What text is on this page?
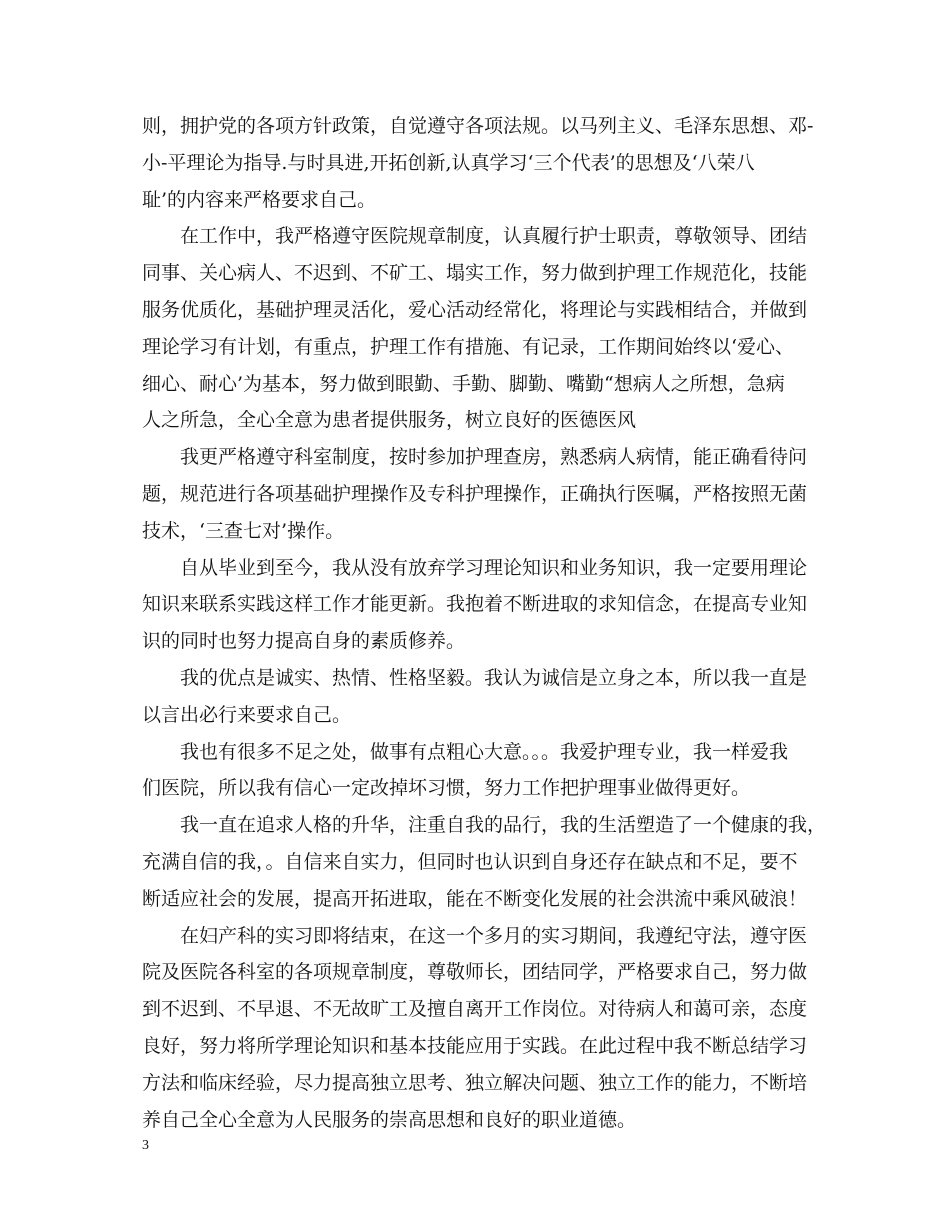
则，拥护党的各项方针政策，自觉遵守各项法规。以马列主义、毛泽东思想、邓-
小-平理论为指导.与时具进,开拓创新,认真学习‘三个代表’的思想及‘八荣八
耻’的内容来严格要求自己。
在工作中，我严格遵守医院规章制度，认真履行护士职责，尊敬领导、团结
同事、关心病人、不迟到、不矿工、塌实工作，努力做到护理工作规范化，技能
服务优质化，基础护理灵活化，爱心活动经常化，将理论与实践相结合，并做到
理论学习有计划，有重点，护理工作有措施、有记录，工作期间始终以‘爱心、
细心、耐心’为基本，努力做到眼勤、手勤、脚勤、嘴勤“想病人之所想，急病
人之所急，全心全意为患者提供服务，树立良好的医德医风
我更严格遵守科室制度，按时参加护理查房，熟悉病人病情，能正确看待问
题，规范进行各项基础护理操作及专科护理操作，正确执行医嘱，严格按照无菌
技术，‘三查七对’操作。
自从毕业到至今，我从没有放弃学习理论知识和业务知识，我一定要用理论
知识来联系实践这样工作才能更新。我抱着不断进取的求知信念，在提高专业知
识的同时也努力提高自身的素质修养。
我的优点是诚实、热情、性格坚毅。我认为诚信是立身之本，所以我一直是
以言出必行来要求自己。
我也有很多不足之处，做事有点粗心大意。。。我爱护理专业，我一样爱我
们医院，所以我有信心一定改掉坏习惯，努力工作把护理事业做得更好。
我一直在追求人格的升华，注重自我的品行，我的生活塑造了一个健康的我，
充满自信的我，。自信来自实力，但同时也认识到自身还存在缺点和不足，要不
断适应社会的发展，提高开拓进取，能在不断变化发展的社会洪流中乘风破浪！
在妇产科的实习即将结束，在这一个多月的实习期间，我遵纪守法，遵守医
院及医院各科室的各项规章制度，尊敬师长，团结同学，严格要求自己，努力做
到不迟到、不早退、不无故旷工及擅自离开工作岗位。对待病人和蔼可亲，态度
良好，努力将所学理论知识和基本技能应用于实践。在此过程中我不断总结学习
方法和临床经验，尽力提高独立思考、独立解决问题、独立工作的能力，不断培
养自己全心全意为人民服务的崇高思想和良好的职业道德。
3
